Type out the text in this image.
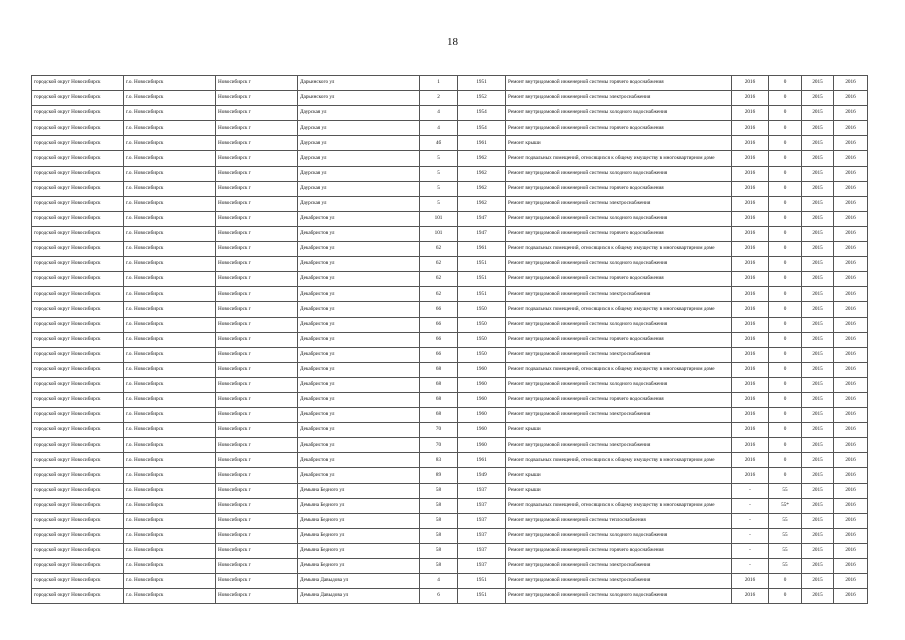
18
городской округ Новосибирск	г.о. Новосибирск	Новосибирск г	Дарьинского ул	1	1951	Ремонт внутридомовой инженерной системы горячего водоснабжения	2016	0	2015	2016
городской округ Новосибирск	г.о. Новосибирск	Новосибирск г	Дарьинского ул	2	1952	Ремонт внутридомовой инженерной системы электроснабжения	2016	0	2015	2016
городской округ Новосибирск	г.о. Новосибирск	Новосибирск г	Даурская ул	4	1954	Ремонт внутридомовой инженерной системы холодного водоснабжения	2016	0	2015	2016
городской округ Новосибирск	г.о. Новосибирск	Новосибирск г	Даурская ул	4	1954	Ремонт внутридомовой инженерной системы горячего водоснабжения	2016	0	2015	2016
городской округ Новосибирск	г.о. Новосибирск	Новосибирск г	Даурская ул	4б	1961	Ремонт крыши	2016	0	2015	2016
городской округ Новосибирск	г.о. Новосибирск	Новосибирск г	Даурская ул	5	1962	Ремонт подвальных помещений, относящихся к общему имуществу в многоквартирном доме	2016	0	2015	2016
городской округ Новосибирск	г.о. Новосибирск	Новосибирск г	Даурская ул	5	1962	Ремонт внутридомовой инженерной системы холодного водоснабжения	2016	0	2015	2016
городской округ Новосибирск	г.о. Новосибирск	Новосибирск г	Даурская ул	5	1962	Ремонт внутридомовой инженерной системы горячего водоснабжения	2016	0	2015	2016
городской округ Новосибирск	г.о. Новосибирск	Новосибирск г	Даурская ул	5	1962	Ремонт внутридомовой инженерной системы электроснабжения	2016	0	2015	2016
городской округ Новосибирск	г.о. Новосибирск	Новосибирск г	Декабристов ул	101	1947	Ремонт внутридомовой инженерной системы холодного водоснабжения	2016	0	2015	2016
городской округ Новосибирск	г.о. Новосибирск	Новосибирск г	Декабристов ул	101	1947	Ремонт внутридомовой инженерной системы горячего водоснабжения	2016	0	2015	2016
городской округ Новосибирск	г.о. Новосибирск	Новосибирск г	Декабристов ул	62	1961	Ремонт подвальных помещений, относящихся к общему имуществу в многоквартирном доме	2016	0	2015	2016
городской округ Новосибирск	г.о. Новосибирск	Новосибирск г	Декабристов ул	62	1951	Ремонт внутридомовой инженерной системы холодного водоснабжения	2016	0	2015	2016
городской округ Новосибирск	г.о. Новосибирск	Новосибирск г	Декабристов ул	62	1951	Ремонт внутридомовой инженерной системы горячего водоснабжения	2016	0	2015	2016
городской округ Новосибирск	г.о. Новосибирск	Новосибирск г	Декабристов ул	62	1951	Ремонт внутридомовой инженерной системы электроснабжения	2016	0	2015	2016
городской округ Новосибирск	г.о. Новосибирск	Новосибирск г	Декабристов ул	66	1950	Ремонт подвальных помещений, относящихся к общему имуществу в многоквартирном доме	2016	0	2015	2016
городской округ Новосибирск	г.о. Новосибирск	Новосибирск г	Декабристов ул	66	1950	Ремонт внутридомовой инженерной системы холодного водоснабжения	2016	0	2015	2016
городской округ Новосибирск	г.о. Новосибирск	Новосибирск г	Декабристов ул	66	1950	Ремонт внутридомовой инженерной системы горячего водоснабжения	2016	0	2015	2016
городской округ Новосибирск	г.о. Новосибирск	Новосибирск г	Декабристов ул	66	1950	Ремонт внутридомовой инженерной системы электроснабжения	2016	0	2015	2016
городской округ Новосибирск	г.о. Новосибирск	Новосибирск г	Декабристов ул	68	1960	Ремонт подвальных помещений, относящихся к общему имуществу в многоквартирном доме	2016	0	2015	2016
городской округ Новосибирск	г.о. Новосибирск	Новосибирск г	Декабристов ул	68	1960	Ремонт внутридомовой инженерной системы холодного водоснабжения	2016	0	2015	2016
городской округ Новосибирск	г.о. Новосибирск	Новосибирск г	Декабристов ул	68	1960	Ремонт внутридомовой инженерной системы горячего водоснабжения	2016	0	2015	2016
городской округ Новосибирск	г.о. Новосибирск	Новосибирск г	Декабристов ул	68	1960	Ремонт внутридомовой инженерной системы электроснабжения	2016	0	2015	2016
городской округ Новосибирск	г.о. Новосибирск	Новосибирск г	Декабристов ул	70	1960	Ремонт крыши	2016	0	2015	2016
городской округ Новосибирск	г.о. Новосибирск	Новосибирск г	Декабристов ул	70	1960	Ремонт внутридомовой инженерной системы электроснабжения	2016	0	2015	2016
городской округ Новосибирск	г.о. Новосибирск	Новосибирск г	Декабристов ул	83	1961	Ремонт подвальных помещений, относящихся к общему имуществу в многоквартирном доме	2016	0	2015	2016
городской округ Новосибирск	г.о. Новосибирск	Новосибирск г	Декабристов ул	89	1949	Ремонт крыши	2016	0	2015	2016
городской округ Новосибирск	г.о. Новосибирск	Новосибирск г	Демьяна Бедного ул	58	1937	Ремонт крыши	-	55	2015	2016
городской округ Новосибирск	г.о. Новосибирск	Новосибирск г	Демьяна Бедного ул	58	1937	Ремонт подвальных помещений, относящихся к общему имуществу в многоквартирном доме	-	55*	2015	2016
городской округ Новосибирск	г.о. Новосибирск	Новосибирск г	Демьяна Бедного ул	58	1937	Ремонт внутридомовой инженерной системы теплоснабжения	-	55	2015	2016
городской округ Новосибирск	г.о. Новосибирск	Новосибирск г	Демьяна Бедного ул	58	1937	Ремонт внутридомовой инженерной системы холодного водоснабжения	-	55	2015	2016
городской округ Новосибирск	г.о. Новосибирск	Новосибирск г	Демьяна Бедного ул	58	1937	Ремонт внутридомовой инженерной системы горячего водоснабжения	-	55	2015	2016
городской округ Новосибирск	г.о. Новосибирск	Новосибирск г	Демьяна Бедного ул	58	1937	Ремонт внутридомовой инженерной системы электроснабжения	-	55	2015	2016
городской округ Новосибирск	г.о. Новосибирск	Новосибирск г	Демьяна Давыдова ул	4	1951	Ремонт внутридомовой инженерной системы электроснабжения	2016	0	2015	2016
городской округ Новосибирск	г.о. Новосибирск	Новосибирск г	Демьяна Давыдова ул	6	1951	Ремонт внутридомовой инженерной системы холодного водоснабжения	2016	0	2015	2016
